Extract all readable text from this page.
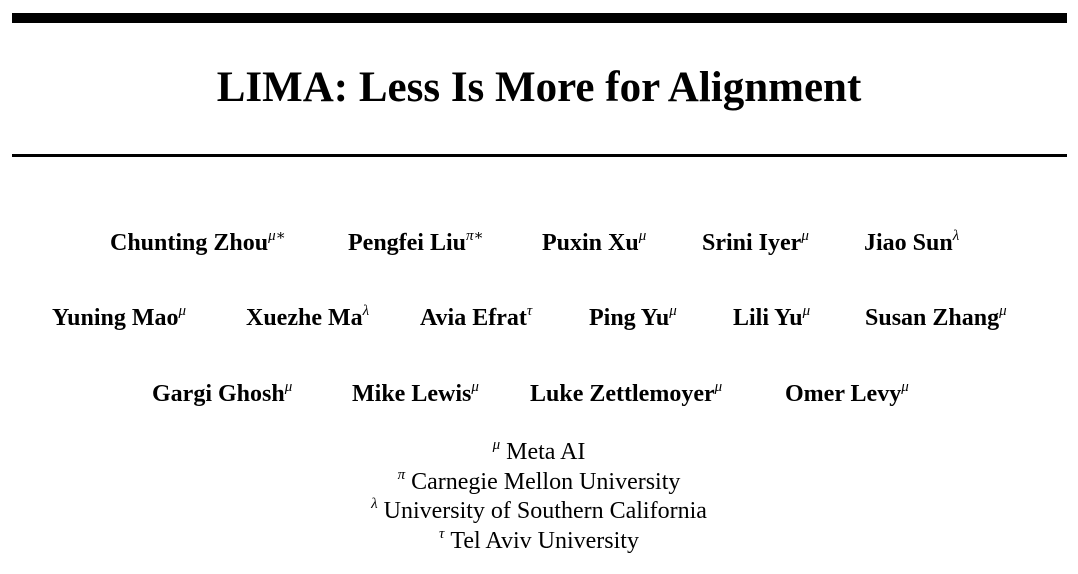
LIMA: Less Is More for Alignment
Chunting Zhou$^{\mu∗}$	Pengfei Liu$^{\pi∗}$ Puxin $Xu^\mu$ Srini Iyer$^\mu$ Jiao Sun$^\lambda$
Yuning Mao$^\mu$ Xuezhe $Ma^\lambda$ Avia Efrat$^\tau$ Ping $Yu^\mu$ Lili $Yu^\mu$ Susan Zhang$^\mu$
Gargi Ghosh$^\mu$ Mike Lewis$^\mu$ Luke Zettlemoyer$^\mu$	Omer Levy$^\mu$
$^\mu$ Meta AI
$^\pi$ Carnegie Mellon University
$^\lambda$ University of Southern California
$^\tau$ Tel Aviv University
